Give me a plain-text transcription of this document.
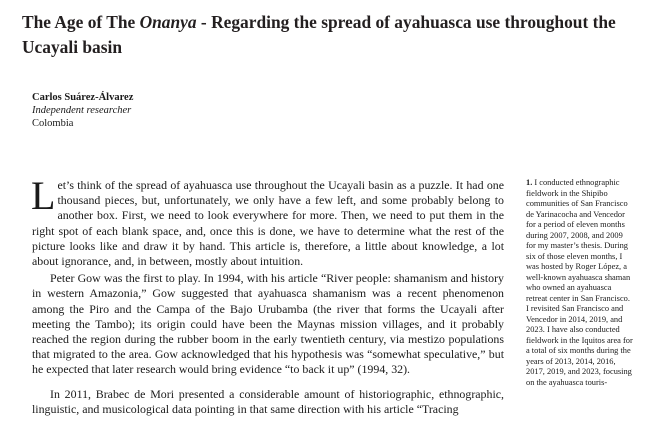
The Age of The Onanya - Regarding the spread of ayahuasca use throughout the Ucayali basin
Carlos Suárez-Álvarez
Independent researcher
Colombia

Let’s think of the spread of ayahuasca use throughout the Ucayali basin as a puzzle. It had one thousand pieces, but, unfortunately, we only have a few left, and some probably belong to another box. First, we need to look everywhere for more. Then, we need to put them in the right spot of each blank space, and, once this is done, we have to determine what the rest of the picture looks like and draw it by hand. This article is, therefore, a little about knowledge, a lot about ignorance, and, in between, mostly about intuition.

Peter Gow was the first to play. In 1994, with his article “River people: shamanism and history in western Amazonia,” Gow suggested that ayahuasca shamanism was a recent phenomenon among the Piro and the Campa of the Bajo Urubamba (the river that forms the Ucayali after meeting the Tambo); its origin could have been the Maynas mission villages, and it probably reached the region during the rubber boom in the early twentieth century, via mestizo populations that migrated to the area. Gow acknowledged that his hypothesis was “somewhat speculative,” but he expected that later research would bring evidence “to back it up” (1994, 32).

In 2011, Brabec de Mori presented a considerable amount of historiographic, ethnographic, linguistic, and musicological data pointing in that same direction with his article “Tracing

1. I conducted ethnographic fieldwork in the Shipibo communities of San Francisco de Yarinacocha and Vencedor for a period of eleven months during 2007, 2008, and 2009 for my master’s thesis. During six of those eleven months, I was hosted by Roger López, a well-known ayahuasca shaman who owned an ayahuasca retreat center in San Francisco. I revisited San Francisco and Vencedor in 2014, 2019, and 2023. I have also conducted fieldwork in the Iquitos area for a total of six months during the years of 2013, 2014, 2016, 2017, 2019, and 2023, focusing on the ayahuasca touris-
